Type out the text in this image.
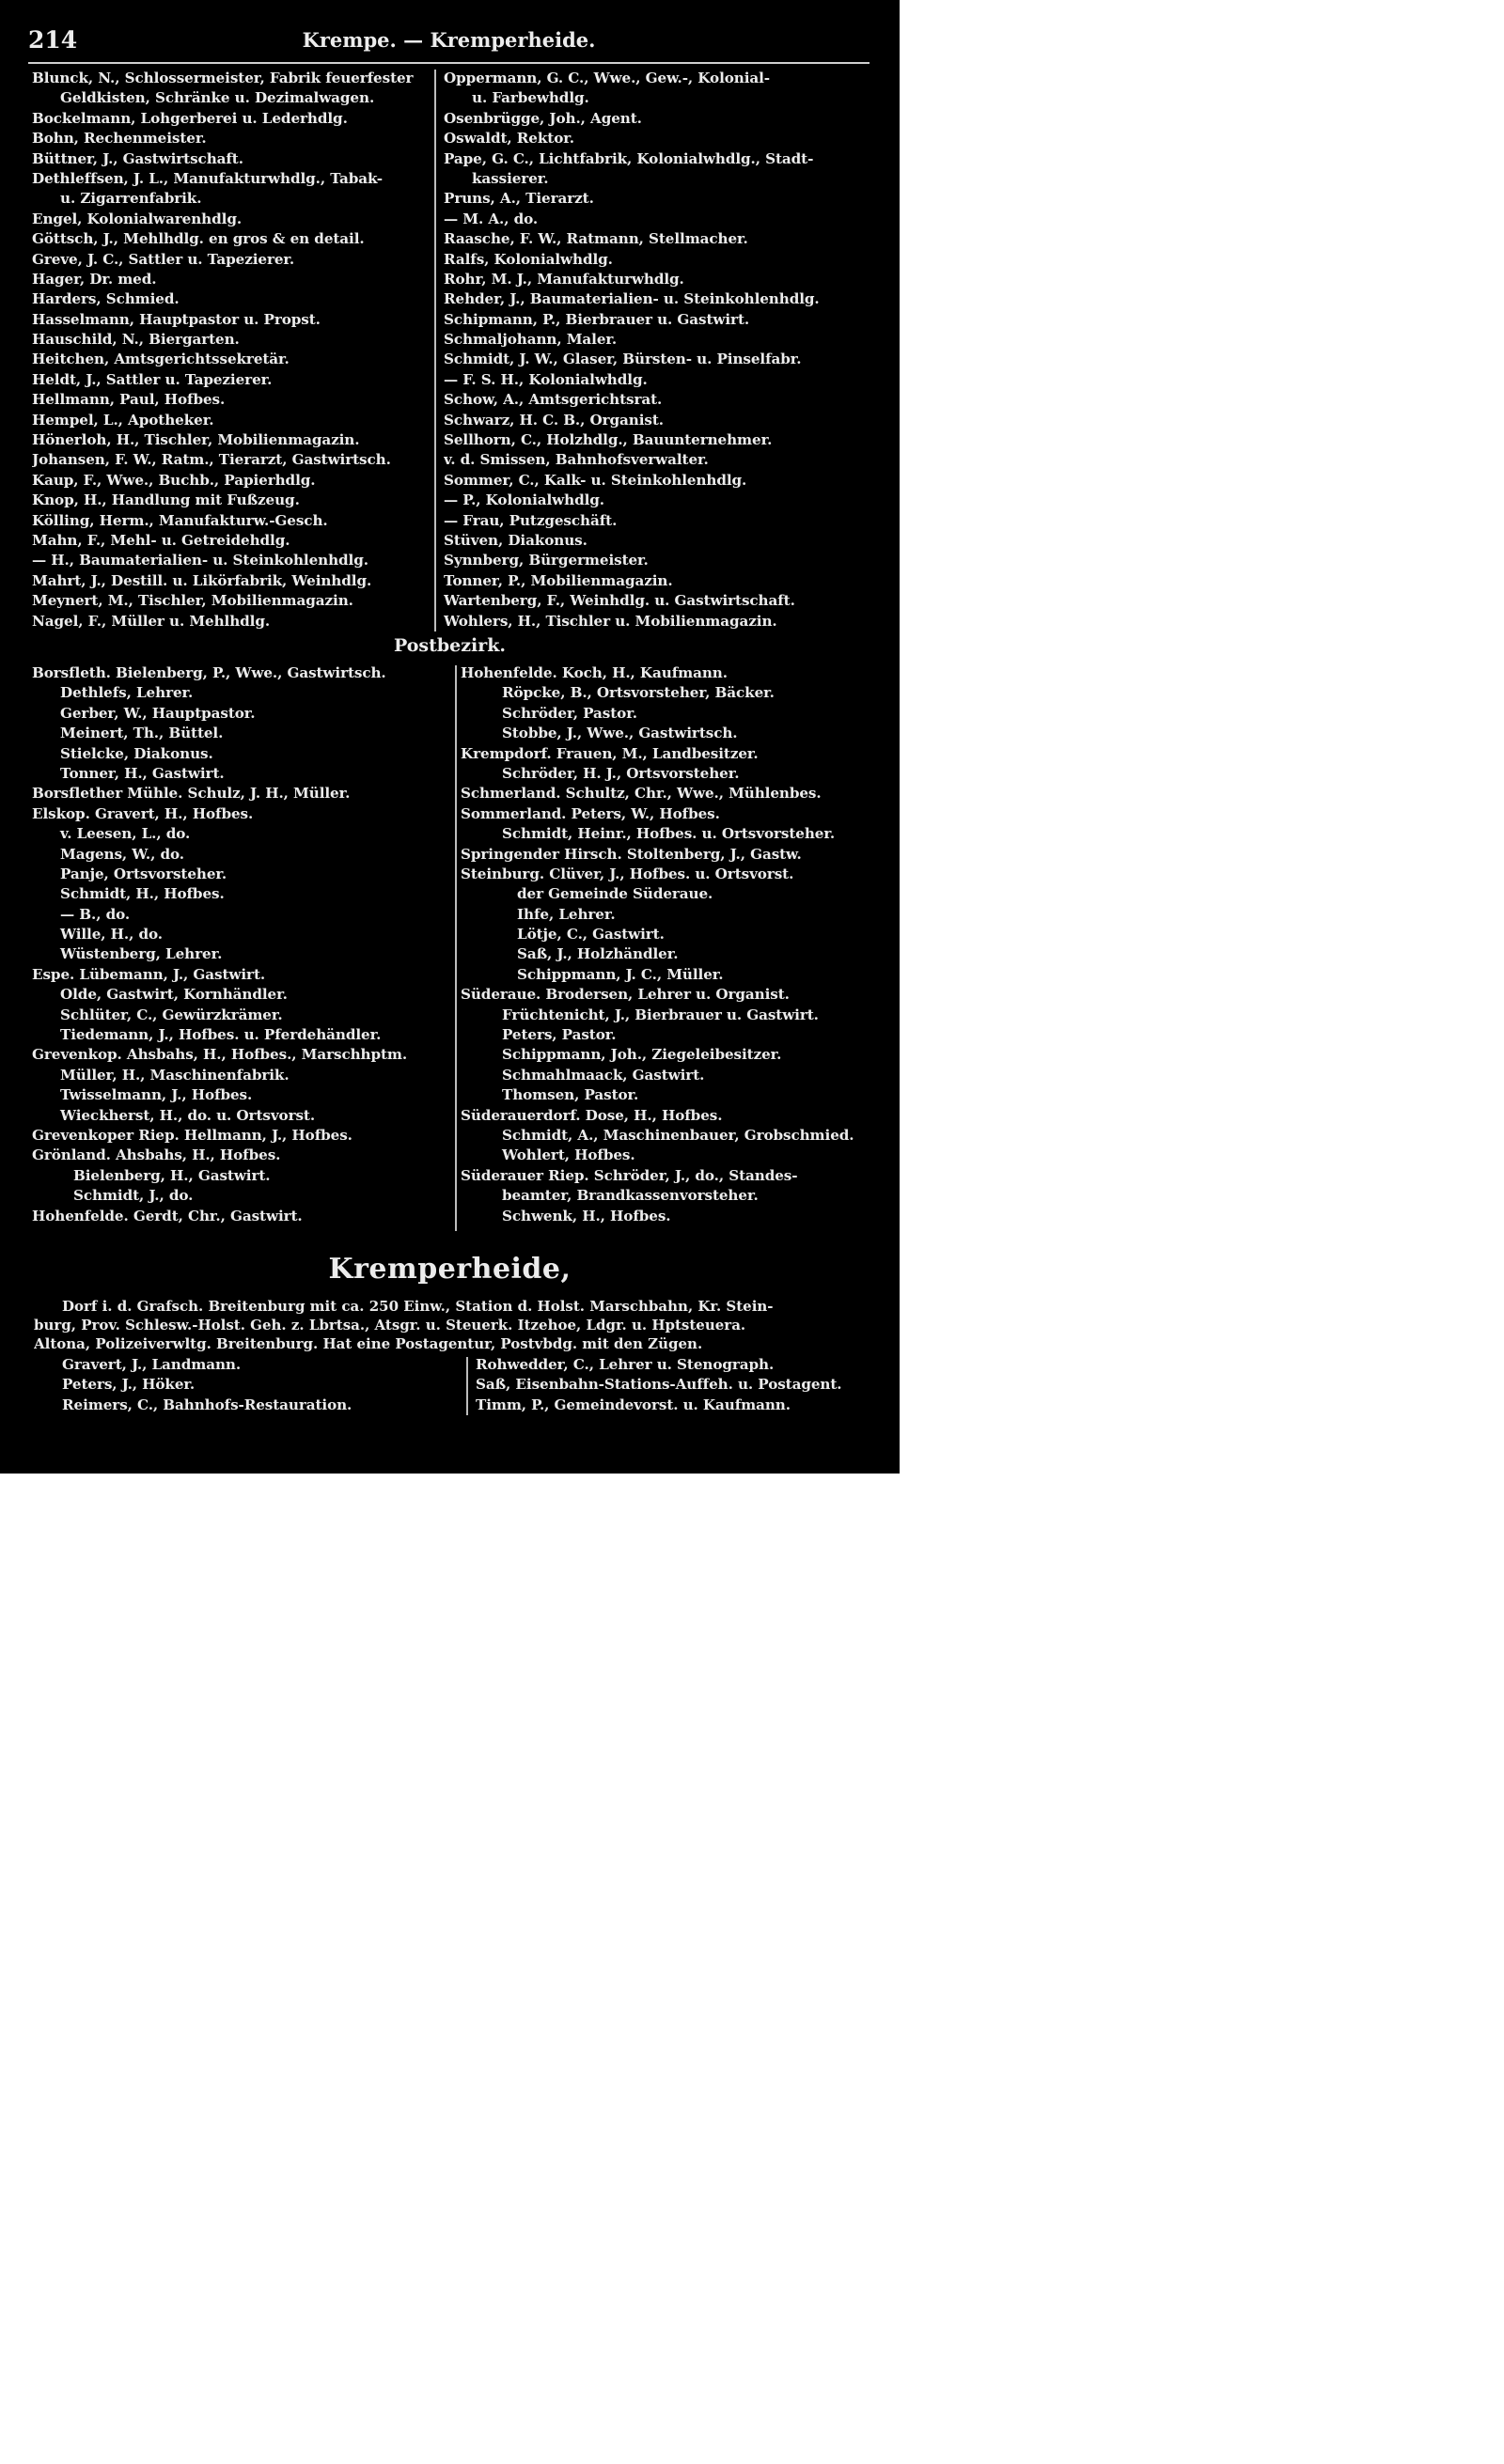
214	Krempe. — Kremperheide.
Blunck, N., Schlossermeister, Fabrik feuerfester
Geldkisten, Schränke u. Dezimalwagen.
Bockelmann, Lohgerberei u. Lederhdlg.
Bohn, Rechenmeister.
Büttner, J., Gastwirtschaft.
Dethleffsen, J. L., Manufakturwhdlg., Tabak-
u. Zigarrenfabrik.
Engel, Kolonialwarenhdlg.
Göttsch, J., Mehlhdlg. en gros & en detail.
Greve, J. C., Sattler u. Tapezierer.
Hager, Dr. med.
Harders, Schmied.
Hasselmann, Hauptpastor u. Propst.
Hauschild, N., Biergarten.
Heitchen, Amtsgerichtssekretär.
Heldt, J., Sattler u. Tapezierer.
Hellmann, Paul, Hofbes.
Hempel, L., Apotheker.
Hönerloh, H., Tischler, Mobilienmagazin.
Johansen, F. W., Ratm., Tierarzt, Gastwirtsch.
Kaup, F., Wwe., Buchb., Papierhdlg.
Knop, H., Handlung mit Fußzeug.
Kölling, Herm., Manufakturw.-Gesch.
Mahn, F., Mehl- u. Getreidehdlg.
— H., Baumaterialien- u. Steinkohlenhdlg.
Mahrt, J., Destill. u. Likörfabrik, Weinhdlg.
Meynert, M., Tischler, Mobilienmagazin.
Nagel, F., Müller u. Mehlhdlg.
Oppermann, G. C., Wwe., Gew.-, Kolonial-
u. Farbewhdlg.
Osenbrügge, Joh., Agent.
Oswaldt, Rektor.
Pape, G. C., Lichtfabrik, Kolonialwhdlg., Stadt-
kassierer.
Pruns, A., Tierarzt.
— M. A., do.
Raasche, F. W., Ratmann, Stellmacher.
Ralfs, Kolonialwhdlg.
Rohr, M. J., Manufakturwhdlg.
Rehder, J., Baumaterialien- u. Steinkohlenhdlg.
Schipmann, P., Bierbrauer u. Gastwirt.
Schmaljohann, Maler.
Schmidt, J. W., Glaser, Bürsten- u. Pinselfabr.
— F. S. H., Kolonialwhdlg.
Schow, A., Amtsgerichtsrat.
Schwarz, H. C. B., Organist.
Sellhorn, C., Holzhdlg., Bauunternehmer.
v. d. Smissen, Bahnhofsverwalter.
Sommer, C., Kalk- u. Steinkohlenhdlg.
— P., Kolonialwhdlg.
— Frau, Putzgeschäft.
Stüven, Diakonus.
Synnberg, Bürgermeister.
Tonner, P., Mobilienmagazin.
Wartenberg, F., Weinhdlg. u. Gastwirtschaft.
Wohlers, H., Tischler u. Mobilienmagazin.
Postbezirk.
Borsfleth. Bielenberg, P., Wwe., Gastwirtsch.
Dethlefs, Lehrer.
Gerber, W., Hauptpastor.
Meinert, Th., Büttel.
Stielcke, Diakonus.
Tonner, H., Gastwirt.
Borsflether Mühle. Schulz, J. H., Müller.
Elskop. Gravert, H., Hofbes.
v. Leesen, L., do.
Magens, W., do.
Panje, Ortsvorsteher.
Schmidt, H., Hofbes.
— B., do.
Wille, H., do.
Wüstenberg, Lehrer.
Espe. Lübemann, J., Gastwirt.
Olde, Gastwirt, Kornhändler.
Schlüter, C., Gewürzkrämer.
Tiedemann, J., Hofbes. u. Pferdehändler.
Grevenkop. Ahsbahs, H., Hofbes., Marschhptm.
Müller, H., Maschinenfabrik.
Twisselmann, J., Hofbes.
Wieckherst, H., do. u. Ortsvorst.
Grevenkoper Riep. Hellmann, J., Hofbes.
Grönland. Ahsbahs, H., Hofbes.
Bielenberg, H., Gastwirt.
Schmidt, J., do.
Hohenfelde. Gerdt, Chr., Gastwirt.
Hohenfelde. Koch, H., Kaufmann.
Röpcke, B., Ortsvorsteher, Bäcker.
Schröder, Pastor.
Stobbe, J., Wwe., Gastwirtsch.
Krempdorf. Frauen, M., Landbesitzer.
Schröder, H. J., Ortsvorsteher.
Schmerland. Schultz, Chr., Wwe., Mühlenbes.
Sommerland. Peters, W., Hofbes.
Schmidt, Heinr., Hofbes. u. Ortsvorsteher.
Springender Hirsch. Stoltenberg, J., Gastw.
Steinburg. Clüver, J., Hofbes. u. Ortsvorst.
der Gemeinde Süderaue.
Ihfe, Lehrer.
Lötje, C., Gastwirt.
Saß, J., Holzhändler.
Schippmann, J. C., Müller.
Süderaue. Brodersen, Lehrer u. Organist.
Früchtenicht, J., Bierbrauer u. Gastwirt.
Peters, Pastor.
Schippmann, Joh., Ziegeleibesitzer.
Schmahlmaack, Gastwirt.
Thomsen, Pastor.
Süderauerdorf. Dose, H., Hofbes.
Schmidt, A., Maschinenbauer, Grobschmied.
Wohlert, Hofbes.
Süderauer Riep. Schröder, J., do., Standes-
beamter, Brandkassenvorsteher.
Schwenk, H., Hofbes.
Kremperheide,
Dorf i. d. Grafsch. Breitenburg mit ca. 250 Einw., Station d. Holst. Marschbahn, Kr. Stein-
burg, Prov. Schlesw.-Holst. Geh. z. Lbrtsa., Atsgr. u. Steuerk. Itzehoe, Ldgr. u. Hptsteuera.
Altona, Polizeiverwltg. Breitenburg. Hat eine Postagentur, Postvbdg. mit den Zügen.
Gravert, J., Landmann.
Peters, J., Höker.
Reimers, C., Bahnhofs-Restauration.
Rohwedder, C., Lehrer u. Stenograph.
Saß, Eisenbahn-Stations-Auffeh. u. Postagent.
Timm, P., Gemeindevorst. u. Kaufmann.
